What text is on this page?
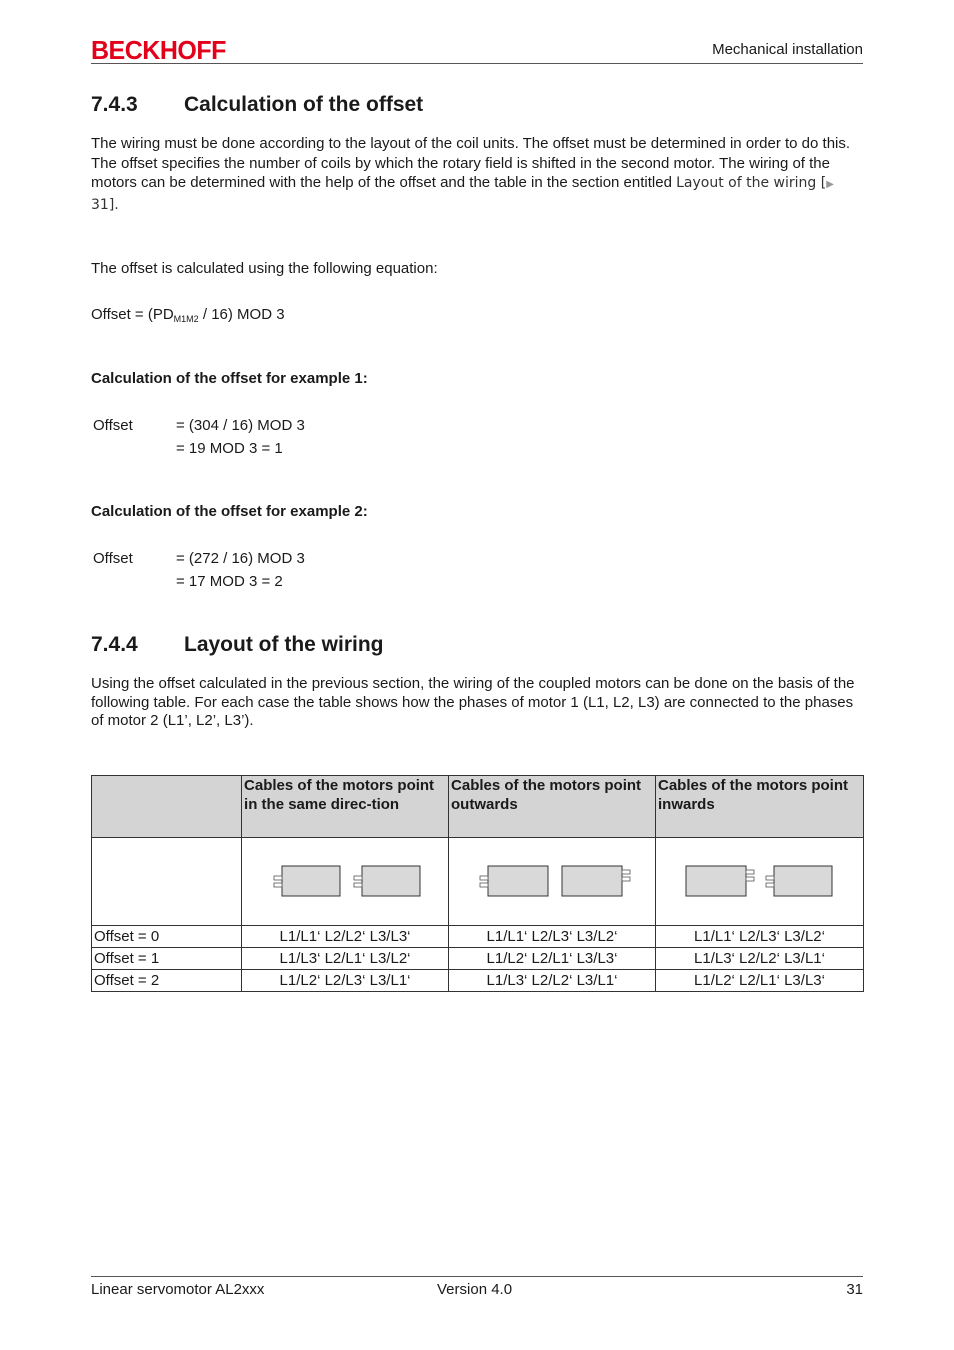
BECKHOFF	Mechanical installation
7.4.3 Calculation of the offset
The wiring must be done according to the layout of the coil units. The offset must be determined in order to do this. The offset specifies the number of coils by which the rotary field is shifted in the second motor. The wiring of the motors can be determined with the help of the offset and the table in the section entitled Layout of the wiring [▶ 31].
The offset is calculated using the following equation:
Offset = $(PD_{M1M2} / 16)$ MOD 3
Calculation of the offset for example 1:
Offset	= (304 / 16) MOD 3
= 19 MOD 3 = 1
Calculation of the offset for example 2:
Offset	= (272 / 16) MOD 3
= 17 MOD 3 = 2
7.4.4 Layout of the wiring
Using the offset calculated in the previous section, the wiring of the coupled motors can be done on the basis of the following table. For each case the table shows how the phases of motor 1 (L1, L2, L3) are connected to the phases of motor 2 (L1’, L2’, L3’).
	Cables of the motors point in the same direc-tion	Cables of the motors point outwards	Cables of the motors point inwards

Offset = 0	L1/L1‘ L2/L2‘ L3/L3‘	L1/L1‘ L2/L3‘ L3/L2‘	L1/L1‘ L2/L3‘ L3/L2‘
Offset = 1	L1/L3‘ L2/L1‘ L3/L2‘	L1/L2‘ L2/L1‘ L3/L3‘	L1/L3‘ L2/L2‘ L3/L1‘
Offset = 2	L1/L2‘ L2/L3‘ L3/L1‘	L1/L3‘ L2/L2‘ L3/L1‘	L1/L2‘ L2/L1‘ L3/L3‘
Linear servomotor AL2xxx	Version 4.0	31
